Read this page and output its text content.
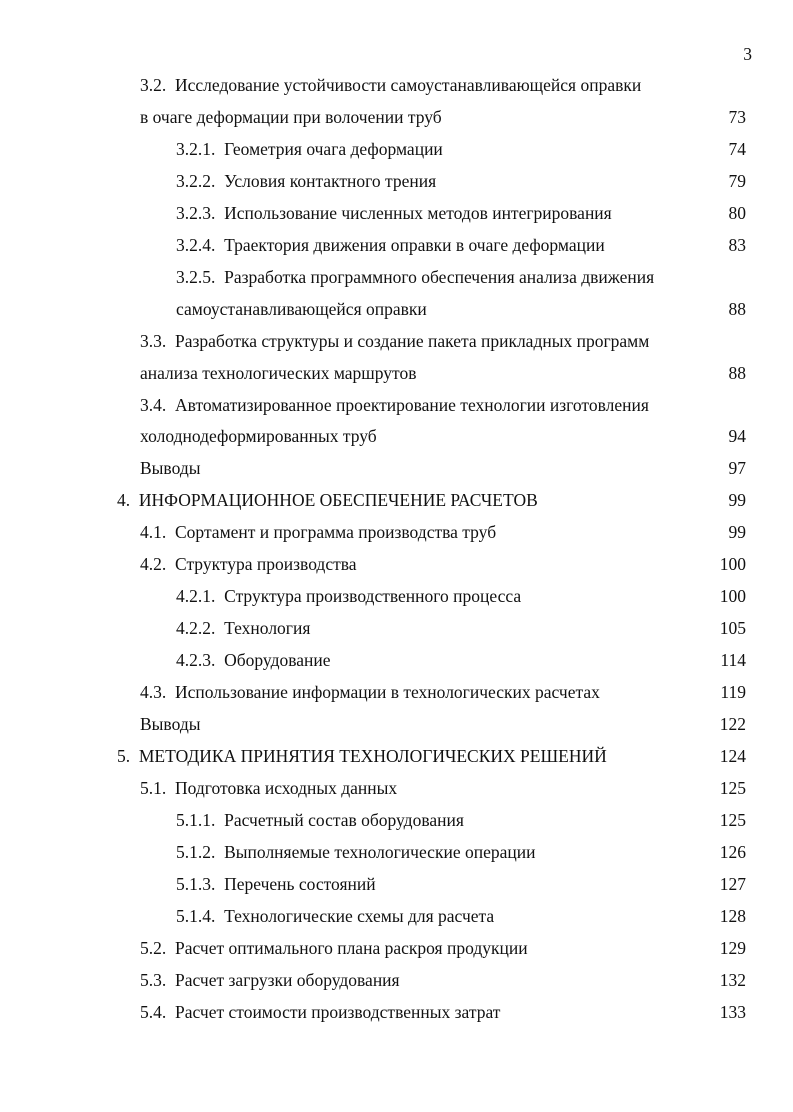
3
3.2.  Исследование устойчивости самоустанавливающейся оправки
в очаге деформации при волочении труб	73
3.2.1.  Геометрия очага деформации	74
3.2.2.  Условия контактного трения	79
3.2.3.  Использование численных методов интегрирования	80
3.2.4.  Траектория движения оправки в очаге деформации	83
3.2.5.  Разработка программного обеспечения анализа движения
самоустанавливающейся оправки	88
3.3.  Разработка структуры и создание пакета прикладных программ
анализа технологических маршрутов	88
3.4.  Автоматизированное проектирование технологии изготовления
холоднодеформированных труб	94
Выводы	97
4.  ИНФОРМАЦИОННОЕ ОБЕСПЕЧЕНИЕ РАСЧЕТОВ	99
4.1.  Сортамент и программа производства труб	99
4.2.  Структура производства	100
4.2.1.  Структура производственного процесса	100
4.2.2.  Технология	105
4.2.3.  Оборудование	114
4.3.  Использование информации в технологических расчетах	119
Выводы	122
5.  МЕТОДИКА ПРИНЯТИЯ ТЕХНОЛОГИЧЕСКИХ РЕШЕНИЙ	124
5.1.  Подготовка исходных данных	125
5.1.1.  Расчетный состав оборудования	125
5.1.2.  Выполняемые технологические операции	126
5.1.3.  Перечень состояний	127
5.1.4.  Технологические схемы для расчета	128
5.2.  Расчет оптимального плана раскроя продукции	129
5.3.  Расчет загрузки оборудования	132
5.4.  Расчет стоимости производственных затрат	133
